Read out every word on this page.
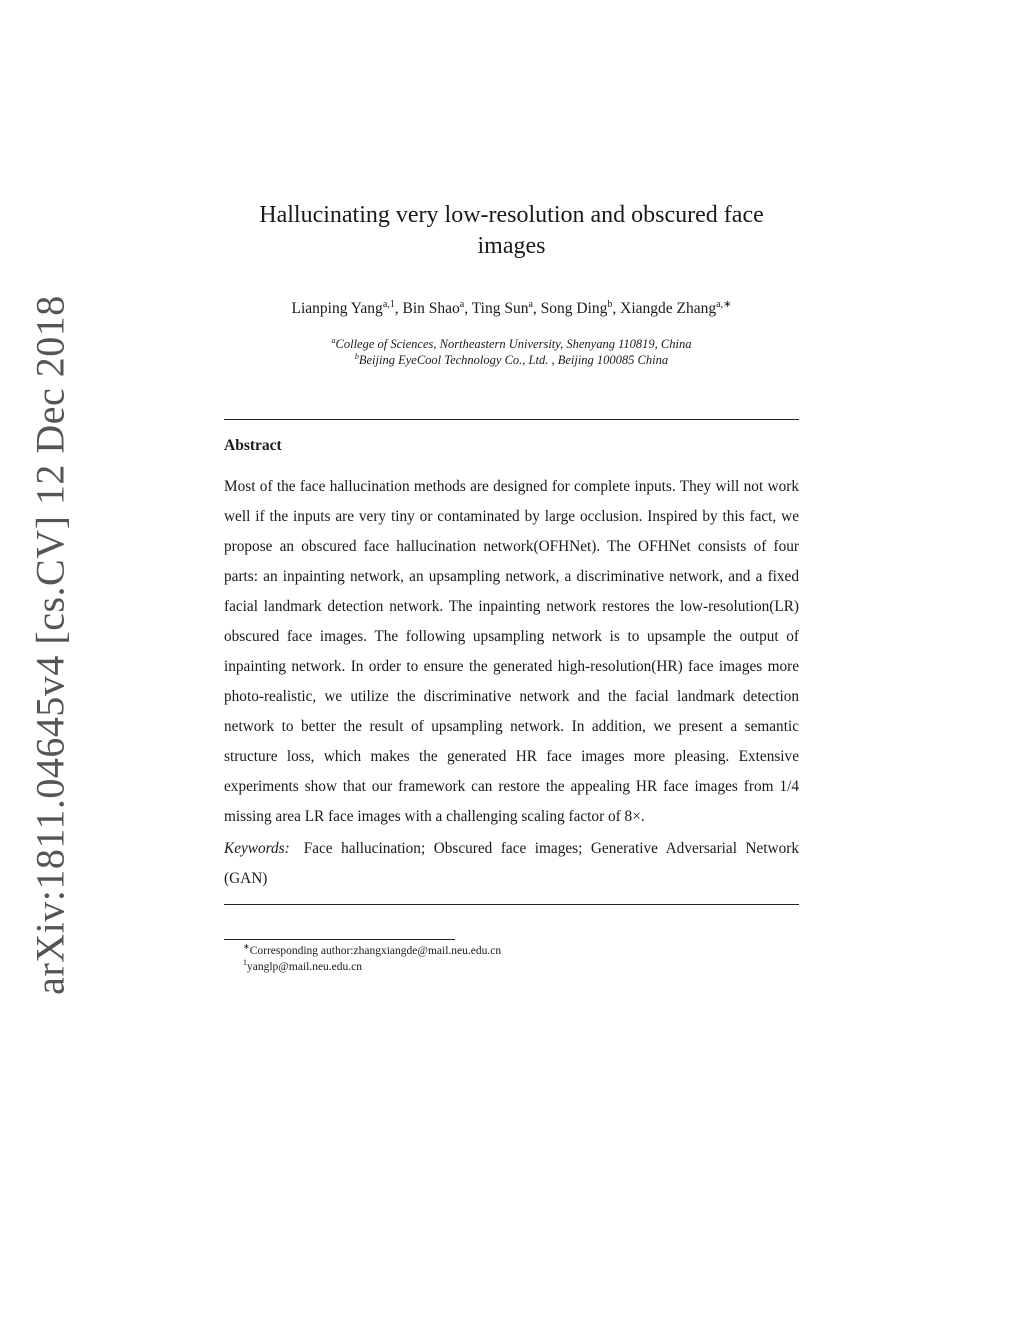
arXiv:1811.04645v4 [cs.CV] 12 Dec 2018
Hallucinating very low-resolution and obscured face images
Lianping Yang$^{a,1}$, Bin Shao$^a$, Ting Sun$^a$, Song Ding$^b$, Xiangde Zhang$^{a,∗}$
$^a$College of Sciences, Northeastern University, Shenyang 110819, China
$^b$Beijing EyeCool Technology Co., Ltd. , Beijing 100085 China
Abstract
Most of the face hallucination methods are designed for complete inputs. They will not work well if the inputs are very tiny or contaminated by large occlusion. Inspired by this fact, we propose an obscured face hallucination network(OFHNet). The OFHNet consists of four parts: an inpainting network, an upsampling network, a discriminative network, and a fixed facial landmark detection network. The inpainting network restores the low-resolution(LR) obscured face images. The following upsampling network is to upsample the output of inpainting network. In order to ensure the generated high-resolution(HR) face images more photo-realistic, we utilize the discriminative network and the facial landmark detection network to better the result of upsampling network. In addition, we present a semantic structure loss, which makes the generated HR face images more pleasing. Extensive experiments show that our framework can restore the appealing HR face images from 1/4 missing area LR face images with a challenging scaling factor of 8×.
Keywords: Face hallucination; Obscured face images; Generative Adversarial Network (GAN)
∗Corresponding author:zhangxiangde@mail.neu.edu.cn
$^1$yanglp@mail.neu.edu.cn
